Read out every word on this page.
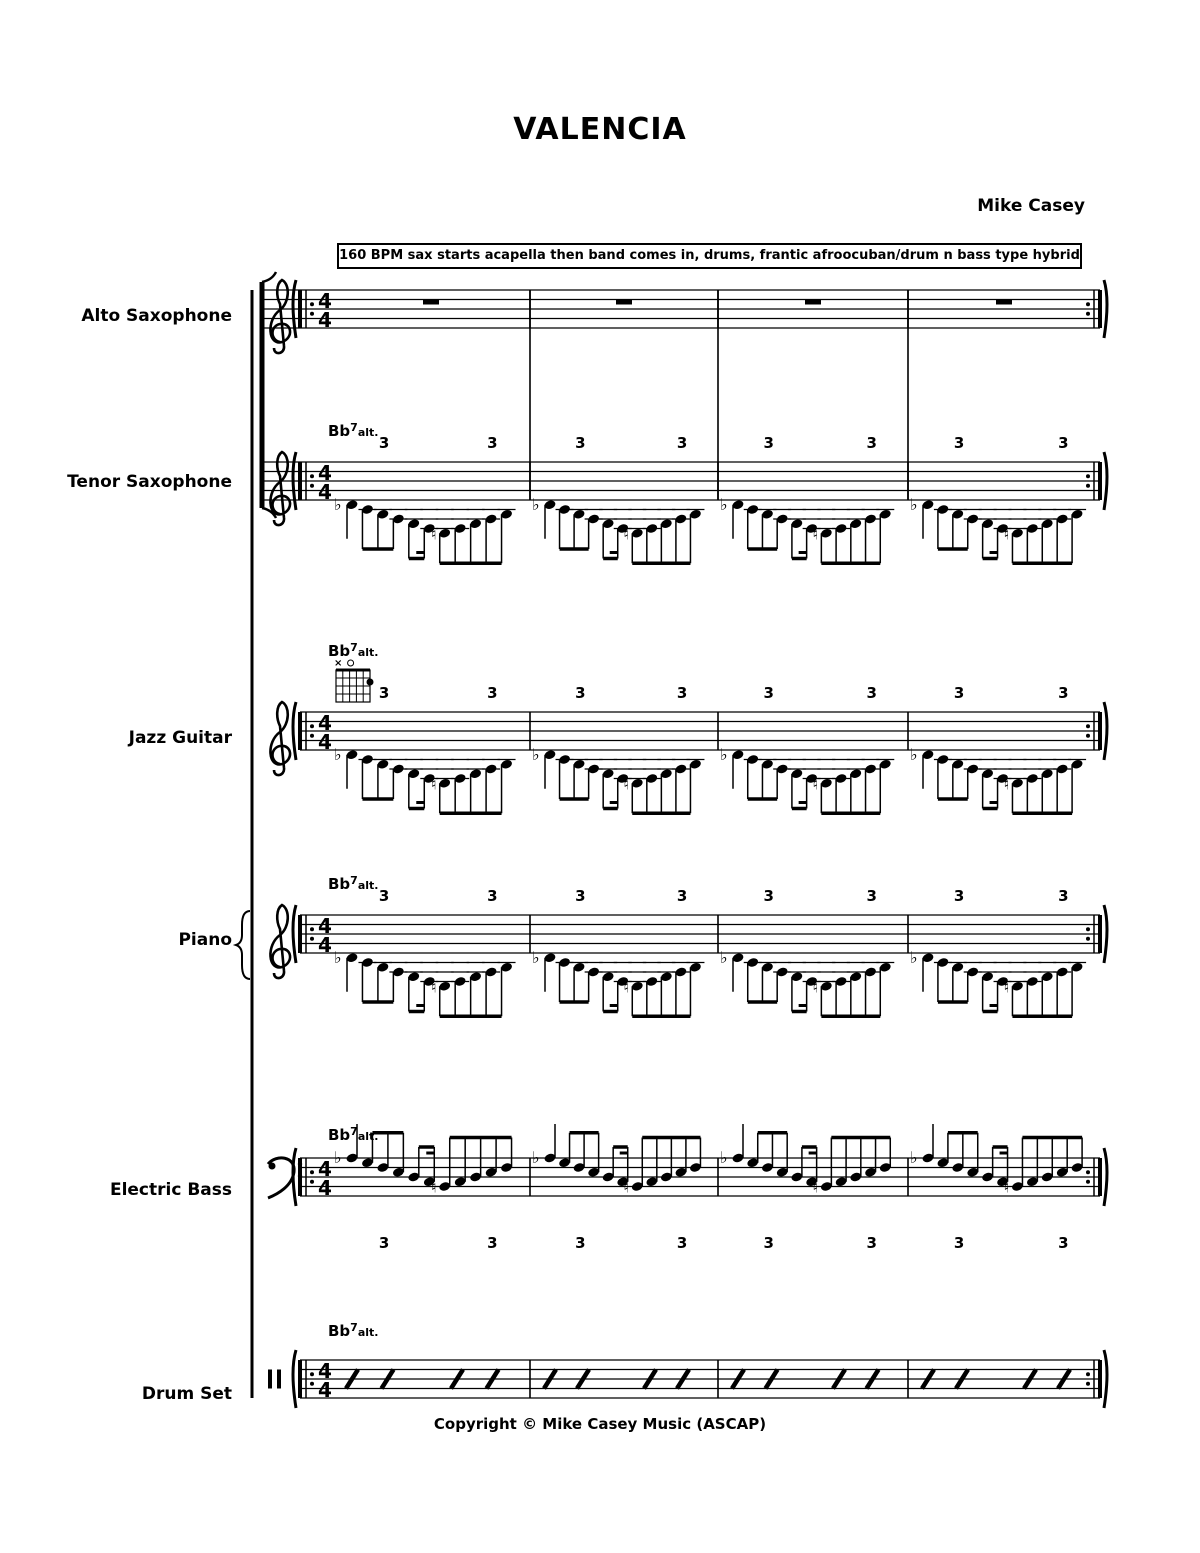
VALENCIA
Mike Casey
160 BPM sax starts acapella then band comes in, drums, frantic afroocuban/drum n bass type hybrid
Alto Saxophone
Tenor Saxophone
Jazz Guitar
Piano
Electric Bass
Drum Set
4
4
4
4
♭
♮
3	3
♭
♮
3	3
♭
♮
3	3
♭
♮
3	3
$Bb^7_{alt.}$
4
4
♭
♮
3	3
♭
♮
3	3
♭
♮
3	3
♭
♮
3	3
$Bb^7_{alt.}$
4
4
♭
♮
3	3
♭
♮
3	3
♭
♮
3	3
♭
♮
3	3
$Bb^7_{alt.}$
4
4
♭
♮
3	3
♭
♮
3	3
♭
♮
3	3
♭
♮
3	3
$Bb^7_{alt.}$
4
4
$Bb^7_{alt.}$
×
Copyright © Mike Casey Music (ASCAP)
